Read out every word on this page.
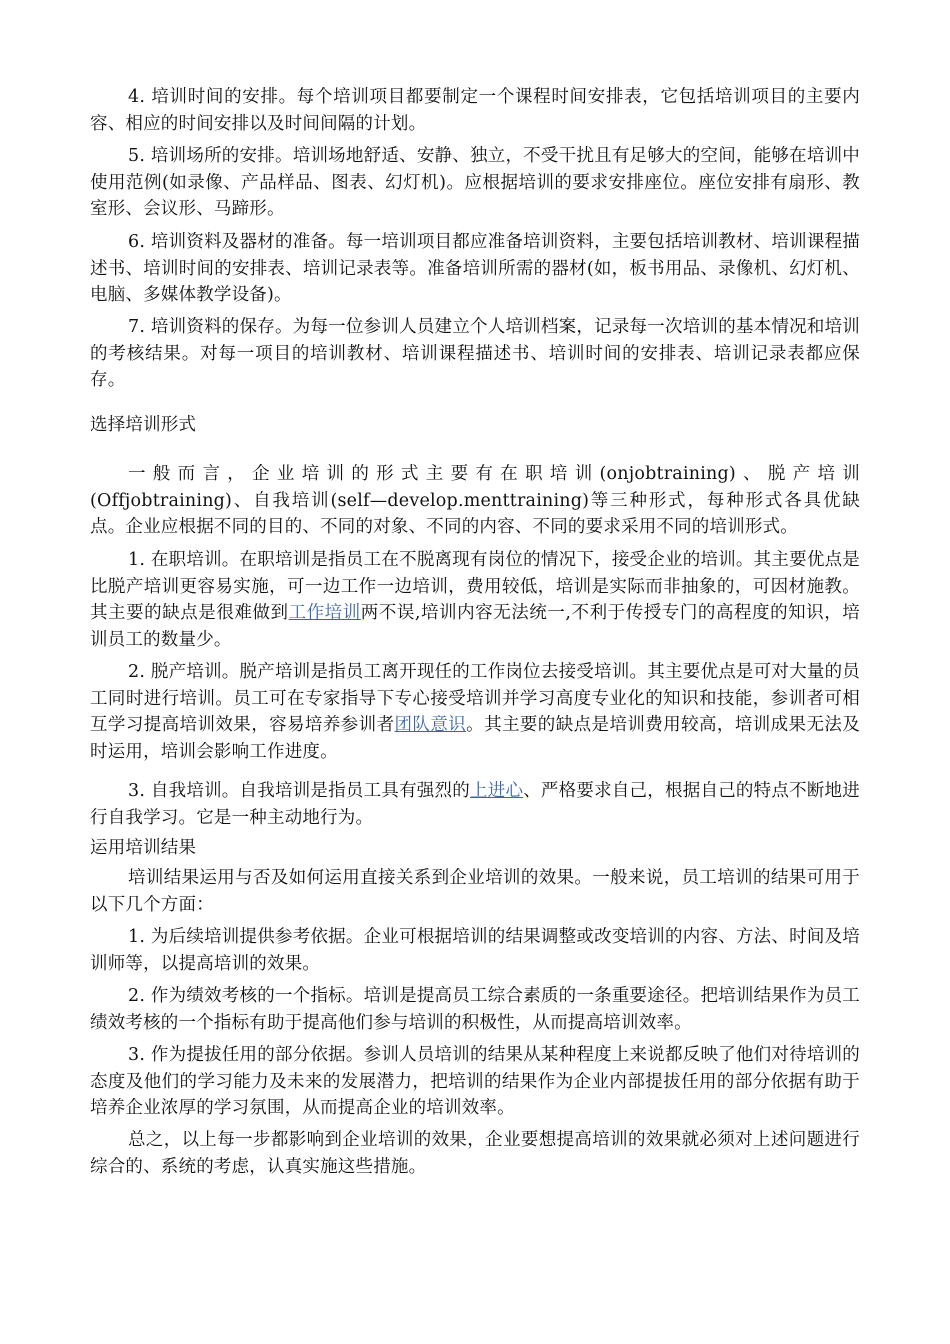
4. 培训时间的安排。每个培训项目都要制定一个课程时间安排表，它包括培训项目的主要内容、相应的时间安排以及时间间隔的计划。

5. 培训场所的安排。培训场地舒适、安静、独立，不受干扰且有足够大的空间，能够在培训中使用范例(如录像、产品样品、图表、幻灯机)。应根据培训的要求安排座位。座位安排有扇形、教室形、会议形、马蹄形。

6. 培训资料及器材的准备。每一培训项目都应准备培训资料，主要包括培训教材、培训课程描述书、培训时间的安排表、培训记录表等。准备培训所需的器材(如，板书用品、录像机、幻灯机、电脑、多媒体教学设备)。

7. 培训资料的保存。为每一位参训人员建立个人培训档案，记录每一次培训的基本情况和培训的考核结果。对每一项目的培训教材、培训课程描述书、培训时间的安排表、培训记录表都应保存。

选择培训形式

一般而言，企业培训的形式主要有在职培训(onjobtraining)、脱产培训
(Offjobtraining)、自我培训(self—develop.menttraining)等三种形式，每种形式各具优缺点。企业应根据不同的目的、不同的对象、不同的内容、不同的要求采用不同的培训形式。

1. 在职培训。在职培训是指员工在不脱离现有岗位的情况下，接受企业的培训。其主要优点是比脱产培训更容易实施，可一边工作一边培训，费用较低，培训是实际而非抽象的，可因材施教。其主要的缺点是很难做到工作培训两不误,培训内容无法统一,不利于传授专门的高程度的知识，培训员工的数量少。

2. 脱产培训。脱产培训是指员工离开现任的工作岗位去接受培训。其主要优点是可对大量的员工同时进行培训。员工可在专家指导下专心接受培训并学习高度专业化的知识和技能，参训者可相互学习提高培训效果，容易培养参训者团队意识。其主要的缺点是培训费用较高，培训成果无法及时运用，培训会影响工作进度。

3. 自我培训。自我培训是指员工具有强烈的上进心、严格要求自己，根据自己的特点不断地进行自我学习。它是一种主动地行为。

运用培训结果

培训结果运用与否及如何运用直接关系到企业培训的效果。一般来说，员工培训的结果可用于以下几个方面：

1. 为后续培训提供参考依据。企业可根据培训的结果调整或改变培训的内容、方法、时间及培训师等，以提高培训的效果。

2. 作为绩效考核的一个指标。培训是提高员工综合素质的一条重要途径。把培训结果作为员工绩效考核的一个指标有助于提高他们参与培训的积极性，从而提高培训效率。

3. 作为提拔任用的部分依据。参训人员培训的结果从某种程度上来说都反映了他们对待培训的态度及他们的学习能力及未来的发展潜力，把培训的结果作为企业内部提拔任用的部分依据有助于培养企业浓厚的学习氛围，从而提高企业的培训效率。

总之，以上每一步都影响到企业培训的效果，企业要想提高培训的效果就必须对上述问题进行综合的、系统的考虑，认真实施这些措施。
